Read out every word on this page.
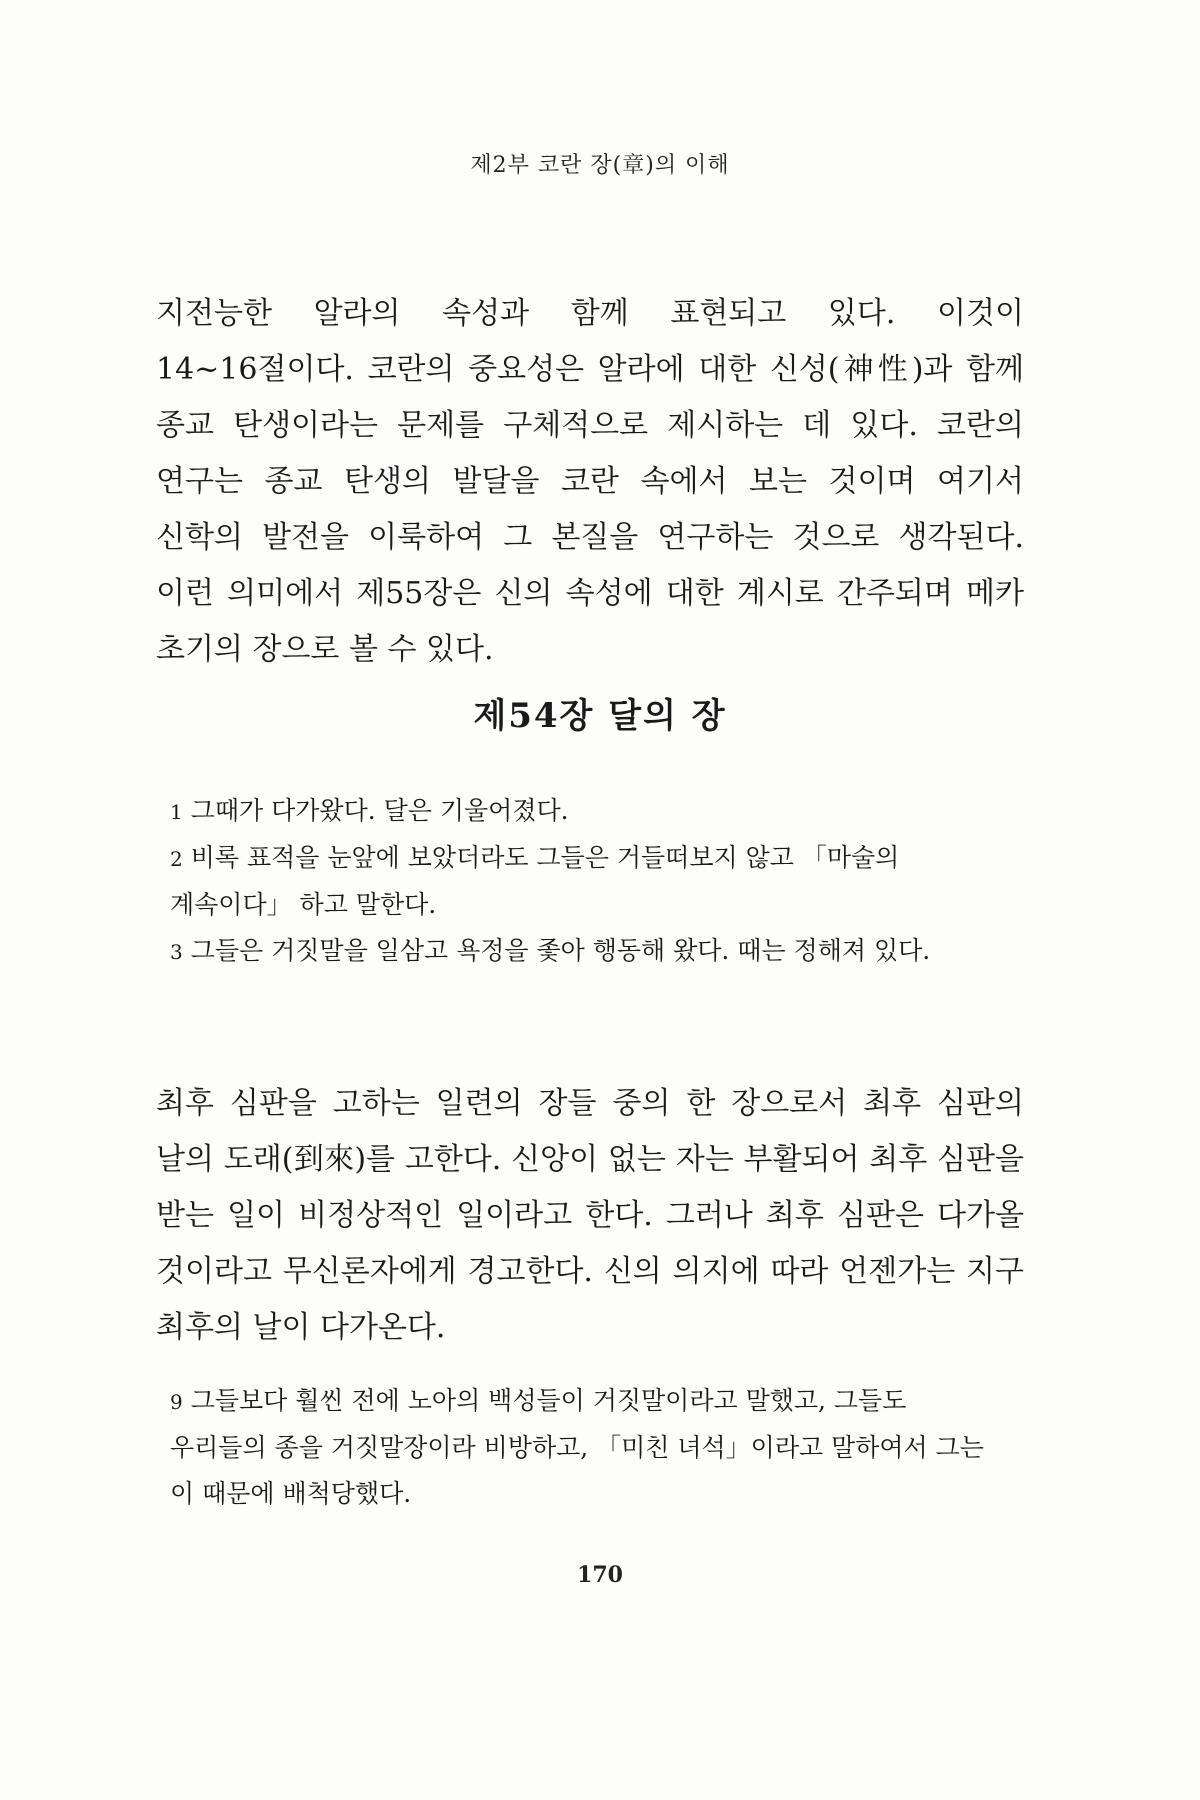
제2부 코란 장(章)의 이해

지전능한 알라의 속성과 함께 표현되고 있다. 이것이 14~16절이다. 코란의 중요성은 알라에 대한 신성(神性)과 함께 종교 탄생이라는 문제를 구체적으로 제시하는 데 있다. 코란의 연구는 종교 탄생의 발달을 코란 속에서 보는 것이며 여기서 신학의 발전을 이룩하여 그 본질을 연구하는 것으로 생각된다. 이런 의미에서 제55장은 신의 속성에 대한 계시로 간주되며 메카 초기의 장으로 볼 수 있다.

제54장 달의 장

1 그때가 다가왔다. 달은 기울어졌다.

2 비록 표적을 눈앞에 보았더라도 그들은 거들떠보지 않고 「마술의 계속이다」 하고 말한다.

3 그들은 거짓말을 일삼고 욕정을 좇아 행동해 왔다. 때는 정해져 있다.

최후 심판을 고하는 일련의 장들 중의 한 장으로서 최후 심판의 날의 도래(到來)를 고한다. 신앙이 없는 자는 부활되어 최후 심판을 받는 일이 비정상적인 일이라고 한다. 그러나 최후 심판은 다가올 것이라고 무신론자에게 경고한다. 신의 의지에 따라 언젠가는 지구 최후의 날이 다가온다.

9 그들보다 훨씬 전에 노아의 백성들이 거짓말이라고 말했고, 그들도 우리들의 종을 거짓말장이라 비방하고, 「미친 녀석」이라고 말하여서 그는 이 때문에 배척당했다.

170
